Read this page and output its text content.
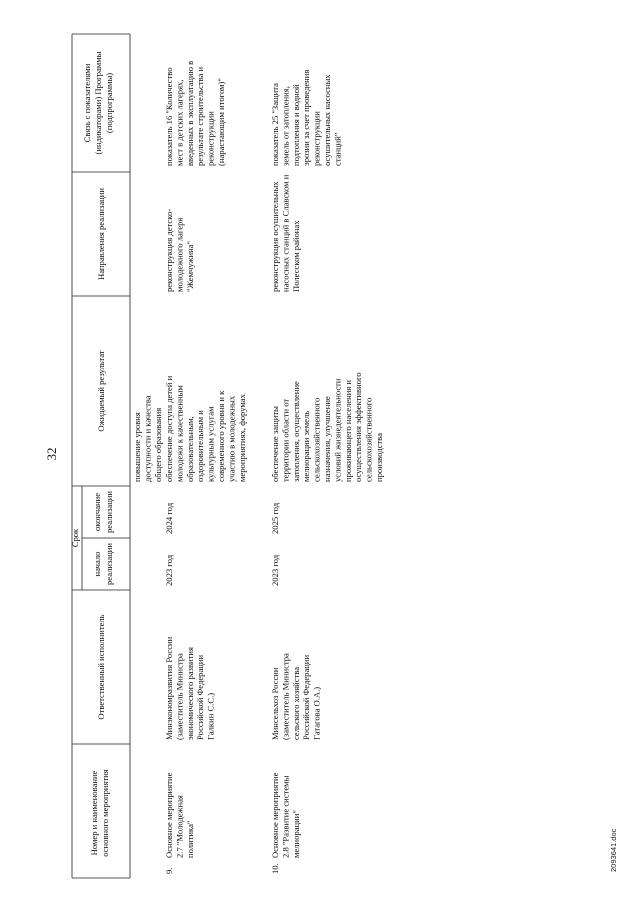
Номер и наименованиеосновного мероприятия
Ответственный исполнитель
Срок
начало реализации
окончание реализации
Ожидаемый результат
Направления реализации
Связь с показателями(индикаторами) Программы(подпрограммы)
повышение уровнядоступности и качестваобщего образования
9.
Основное мероприятие2.7 "Молодежнаяполитика"
Минэкономразвития России(заместитель Министраэкономического развитияРоссийской ФедерацииГалкин С.С.)
2023 год
2024 год
обеспечение доступа детей имолодежи к качественнымобразовательным,оздоровительным икультурным услугамсовременного уровня и кучастию в молодежныхмероприятиях, форумах
реконструкция детско-молодежного лагеря"Жемчужина"
показатель 16 "Количествомест в детских лагерях,введенных в эксплуатацию врезультате строительства иреконструкции(нарастающим итогом)"
10.
Основное мероприятие2.8 "Развитие системымелиорации"
Минсельхоз России(заместитель Министрасельского хозяйстваРоссийской ФедерацииГатагова О.А.)
2023 год
2025 год
обеспечение защитытерритории области отзатопления, осуществлениемелиорации земельсельскохозяйственногоназначения, улучшениеусловий жизнедеятельностипроживающего населения иосуществления эффективногосельскохозяйственногопроизводства
реконструкция осушительныхнасосных станций в Славском иПолесском районах
показатель 25 "Защитаземель от затопления,подтопления и воднойэрозии за счет проведенияреконструкцииосушительных насосныхстанций"
32
2093641.doc
